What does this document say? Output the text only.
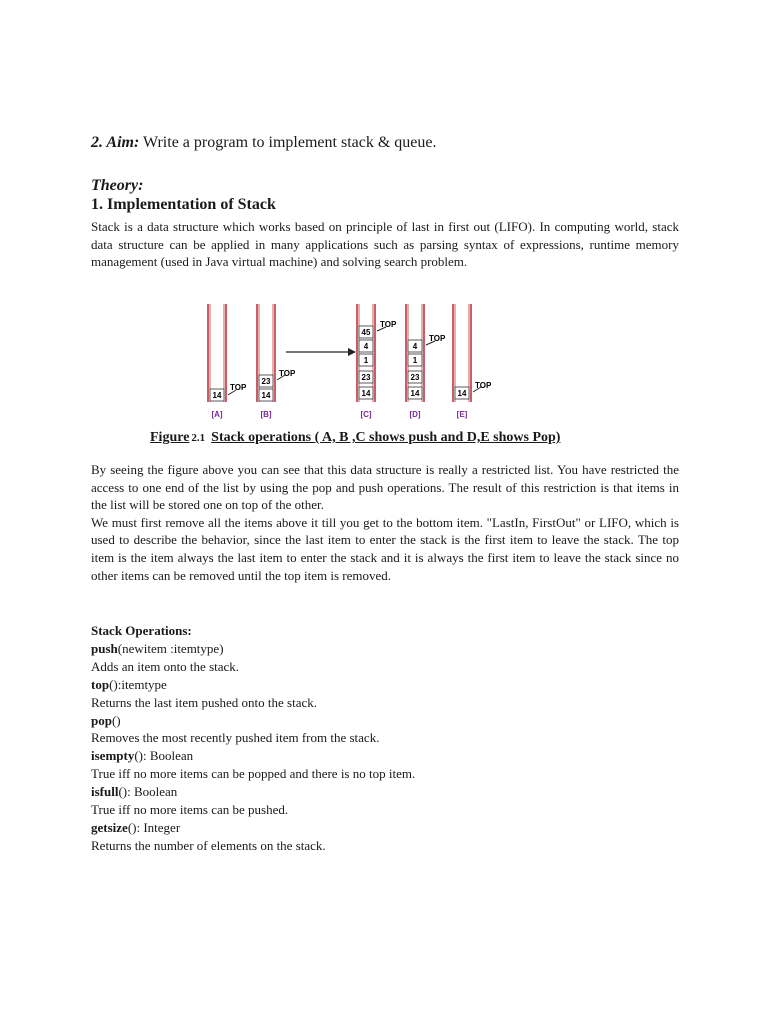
2. Aim: Write a program to implement stack & queue.
Theory:
1. Implementation of Stack
Stack is a data structure which works based on principle of last in first out (LIFO). In computing world, stack data structure can be applied in many applications such as parsing syntax of expressions, runtime memory management (used in Java virtual machine) and solving search problem.
14
TOP
[A]
23
14
TOP
[B]
45
4
1
23
14
TOP
[C]
4
1
23
14
TOP
[D]
14
TOP
[E]
Figure 2.1 Stack operations ( A, B ,C shows push and D,E shows Pop)
By seeing the figure above you can see that this data structure is really a restricted list. You have restricted the access to one end of the list by using the pop and push operations. The result of this restriction is that items in the list will be stored one on top of the other.
We must first remove all the items above it till you get to the bottom item. "LastIn, FirstOut" or LIFO, which is used to describe the behavior, since the last item to enter the stack is the first item to leave the stack. The top item is the item always the last item to enter the stack and it is always the first item to leave the stack since no other items can be removed until the top item is removed.
Stack Operations:
push(newitem :itemtype)
Adds an item onto the stack.
top():itemtype
Returns the last item pushed onto the stack.
pop()
Removes the most recently pushed item from the stack.
isempty(): Boolean
True iff no more items can be popped and there is no top item.
isfull(): Boolean
True iff no more items can be pushed.
getsize(): Integer
Returns the number of elements on the stack.
